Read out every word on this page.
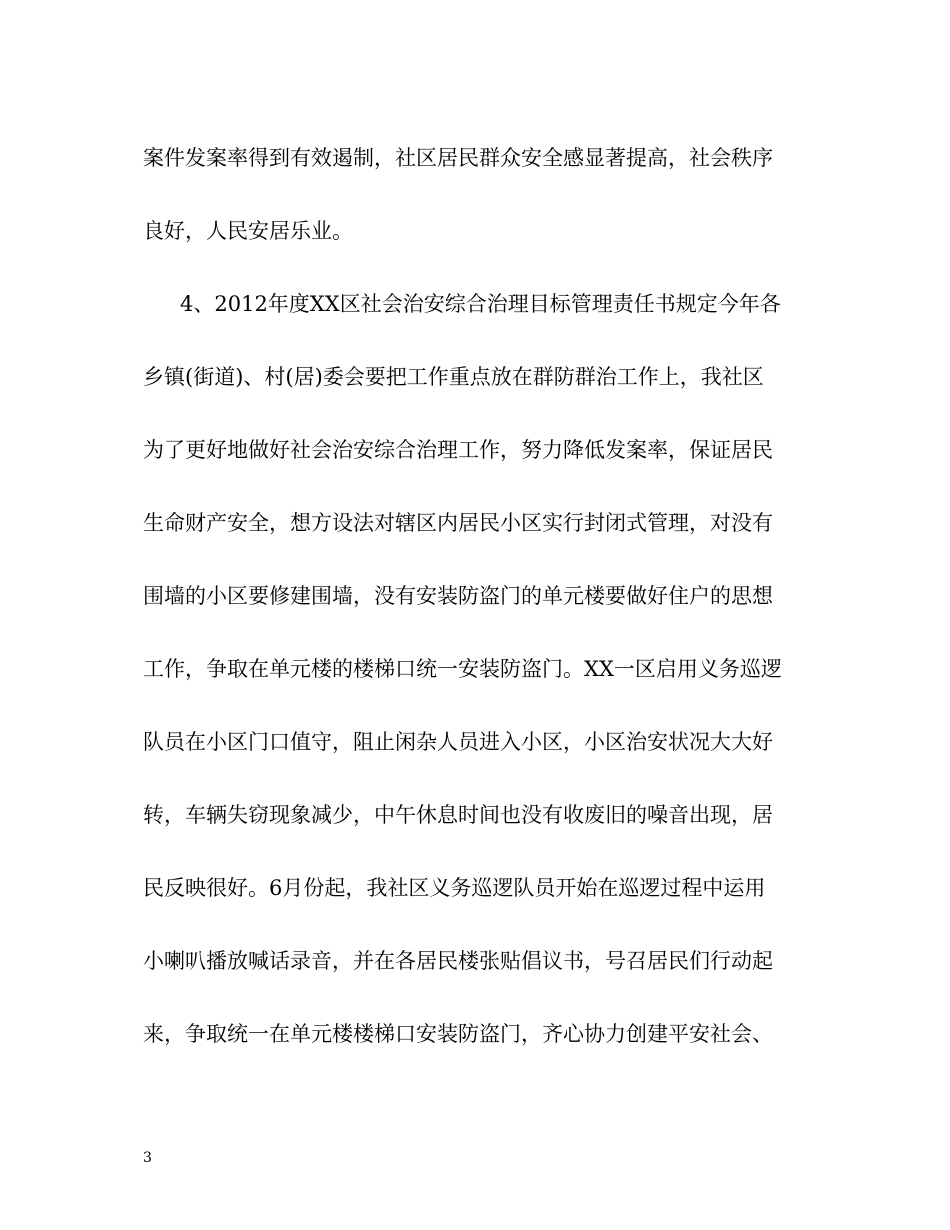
案件发案率得到有效遏制，社区居民群众安全感显著提高，社会秩序
良好，人民安居乐业。
4、2012年度XX区社会治安综合治理目标管理责任书规定今年各
乡镇(街道)、村(居)委会要把工作重点放在群防群治工作上，我社区
为了更好地做好社会治安综合治理工作，努力降低发案率，保证居民
生命财产安全，想方设法对辖区内居民小区实行封闭式管理，对没有
围墙的小区要修建围墙，没有安装防盗门的单元楼要做好住户的思想
工作，争取在单元楼的楼梯口统一安装防盗门。XX一区启用义务巡逻
队员在小区门口值守，阻止闲杂人员进入小区，小区治安状况大大好
转，车辆失窃现象减少，中午休息时间也没有收废旧的噪音出现，居
民反映很好。6月份起，我社区义务巡逻队员开始在巡逻过程中运用
小喇叭播放喊话录音，并在各居民楼张贴倡议书，号召居民们行动起
来，争取统一在单元楼楼梯口安装防盗门，齐心协力创建平安社会、
3
